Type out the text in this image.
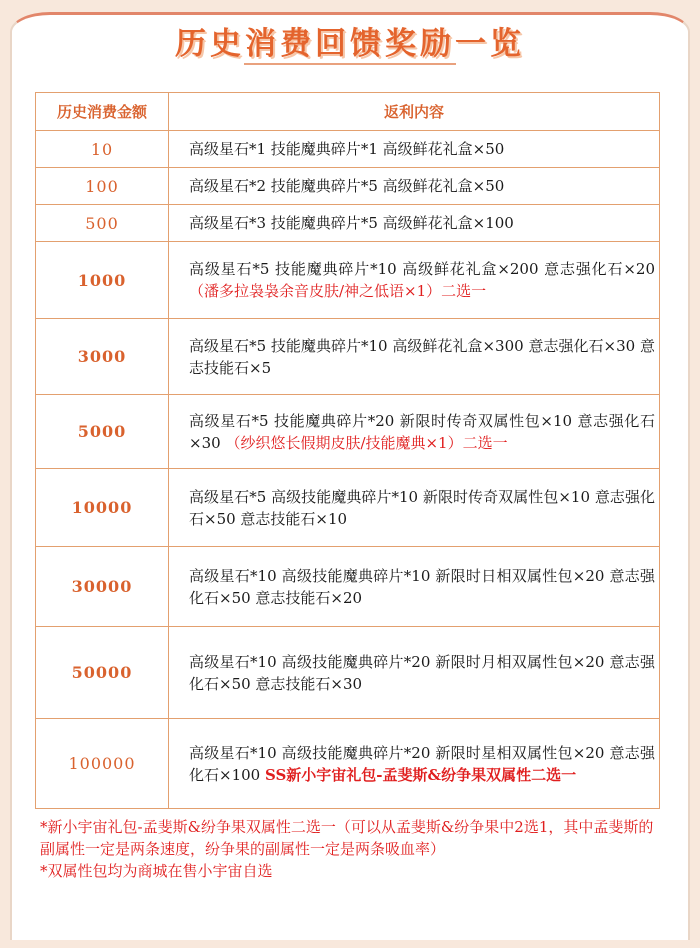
历史消费回馈奖励一览
历史消费金额	返利内容
10	高级星石*1 技能魔典碎片*1 高级鲜花礼盒×50
100	高级星石*2 技能魔典碎片*5 高级鲜花礼盒×50
500	高级星石*3 技能魔典碎片*5 高级鲜花礼盒×100
1000	高级星石*5 技能魔典碎片*10 高级鲜花礼盒×200 意志强化石×20 （潘多拉袅袅余音皮肤/神之低语×1）二选一
3000	高级星石*5 技能魔典碎片*10 高级鲜花礼盒×300 意志强化石×30 意志技能石×5
5000	高级星石*5 技能魔典碎片*20 新限时传奇双属性包×10 意志强化石×30 （纱织悠长假期皮肤/技能魔典×1）二选一
10000	高级星石*5 高级技能魔典碎片*10 新限时传奇双属性包×10 意志强化石×50 意志技能石×10
30000	高级星石*10 高级技能魔典碎片*10 新限时日相双属性包×20 意志强化石×50 意志技能石×20
50000	高级星石*10 高级技能魔典碎片*20 新限时月相双属性包×20 意志强化石×50 意志技能石×30
100000	高级星石*10 高级技能魔典碎片*20 新限时星相双属性包×20 意志强化石×100 SS新小宇宙礼包-孟斐斯&纷争果双属性二选一

*新小宇宙礼包-孟斐斯&纷争果双属性二选一（可以从孟斐斯&纷争果中2选1，其中孟斐斯的副属性一定是两条速度，纷争果的副属性一定是两条吸血率）

*双属性包均为商城在售小宇宙自选
